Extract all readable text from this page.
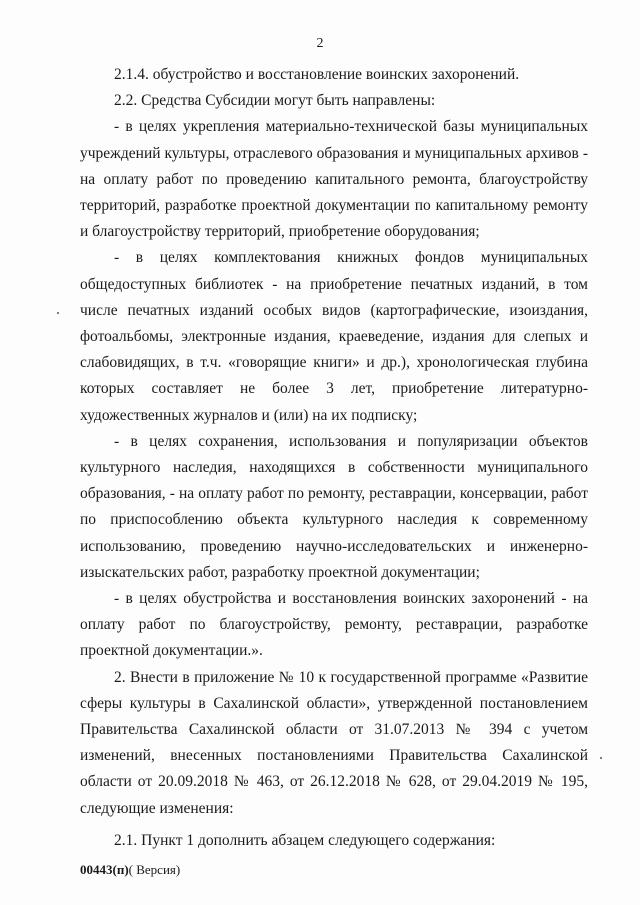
2

2.1.4. обустройство и восстановление воинских захоронений.

2.2. Средства Субсидии могут быть направлены:

- в целях укрепления материально-технической базы муниципальных учреждений культуры, отраслевого образования и муниципальных архивов - на оплату работ по проведению капитального ремонта, благоустройству территорий, разработке проектной документации по капитальному ремонту и благоустройству территорий, приобретение оборудования;

- в целях комплектования книжных фондов муниципальных общедоступных библиотек - на приобретение печатных изданий, в том числе печатных изданий особых видов (картографические, изоиздания, фотоальбомы, электронные издания, краеведение, издания для слепых и слабовидящих, в т.ч. «говорящие книги» и др.), хронологическая глубина которых составляет не более 3 лет, приобретение литературно-художественных журналов и (или) на их подписку;

- в целях сохранения, использования и популяризации объектов культурного наследия, находящихся в собственности муниципального образования, - на оплату работ по ремонту, реставрации, консервации, работ по приспособлению объекта культурного наследия к современному использованию, проведению научно-исследовательских и инженерно-изыскательских работ, разработку проектной документации;

- в целях обустройства и восстановления воинских захоронений - на оплату работ по благоустройству, ремонту, реставрации, разработке проектной документации.».

2. Внести в приложение № 10 к государственной программе «Развитие сферы культуры в Сахалинской области», утвержденной постановлением Правительства Сахалинской области от 31.07.2013 № 394 с учетом изменений, внесенных постановлениями Правительства Сахалинской области от 20.09.2018 № 463, от 26.12.2018 № 628, от 29.04.2019 № 195, следующие изменения:

2.1. Пункт 1 дополнить абзацем следующего содержания:

00443(п)( Версия)
